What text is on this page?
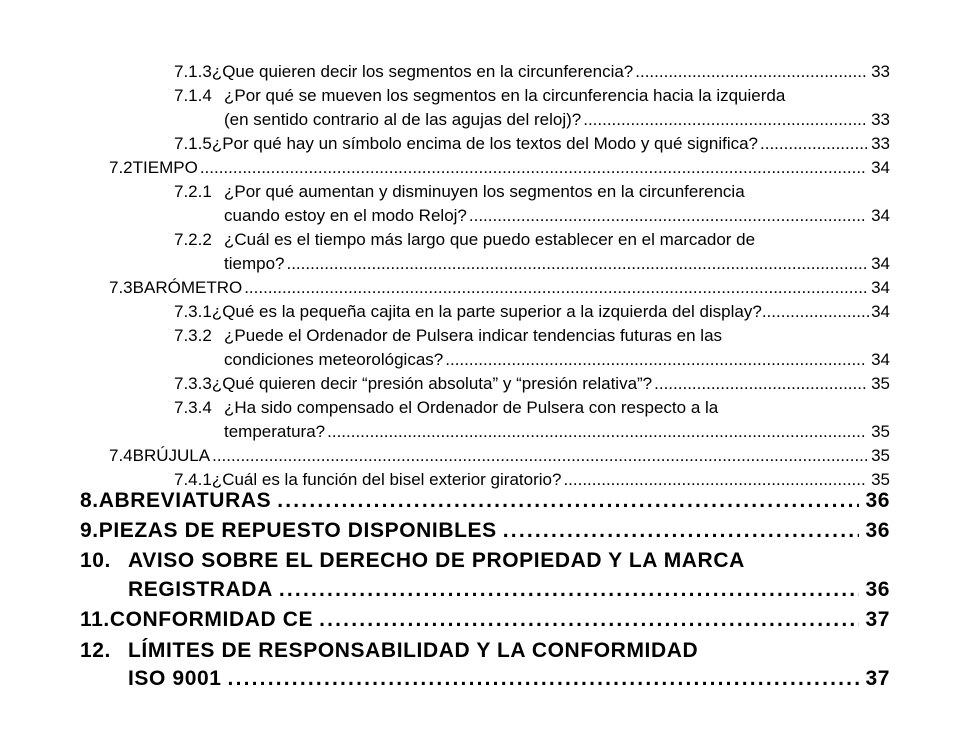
7.1.3 ¿Que quieren decir los segmentos en la circunferencia? .....	33
7.1.4 ¿Por qué se mueven los segmentos en la circunferencia hacia la izquierda
(en sentido contrario al de las agujas del reloj)? .....	33
7.1.5 ¿Por qué hay un símbolo encima de los textos del Modo y qué significa? .....	33
7.2 TIEMPO .....	34
7.2.1 ¿Por qué aumentan y disminuyen los segmentos en la circunferencia
cuando estoy en el modo Reloj? .....	34
7.2.2 ¿Cuál es el tiempo más largo que puedo establecer en el marcador de
tiempo? .....	34
7.3 BARÓMETRO .....	34
7.3.1 ¿Qué es la pequeña cajita en la parte superior a la izquierda del display? .....	34
7.3.2 ¿Puede el Ordenador de Pulsera indicar tendencias futuras en las
condiciones meteorológicas? .....	34
7.3.3 ¿Qué quieren decir “presión absoluta” y “presión relativa”? .....	35
7.3.4 ¿Ha sido compensado el Ordenador de Pulsera con respecto a la
temperatura? .....	35
7.4 BRÚJULA .....	35
7.4.1 ¿Cuál es la función del bisel exterior giratorio? .....	35
8. ABREVIATURAS .....	36
9. PIEZAS DE REPUESTO DISPONIBLES .....	36
10. AVISO SOBRE EL DERECHO DE PROPIEDAD Y LA MARCA
REGISTRADA .....	36
11. CONFORMIDAD CE .....	37
12. LÍMITES DE RESPONSABILIDAD Y LA CONFORMIDAD
ISO 9001 .....	37
